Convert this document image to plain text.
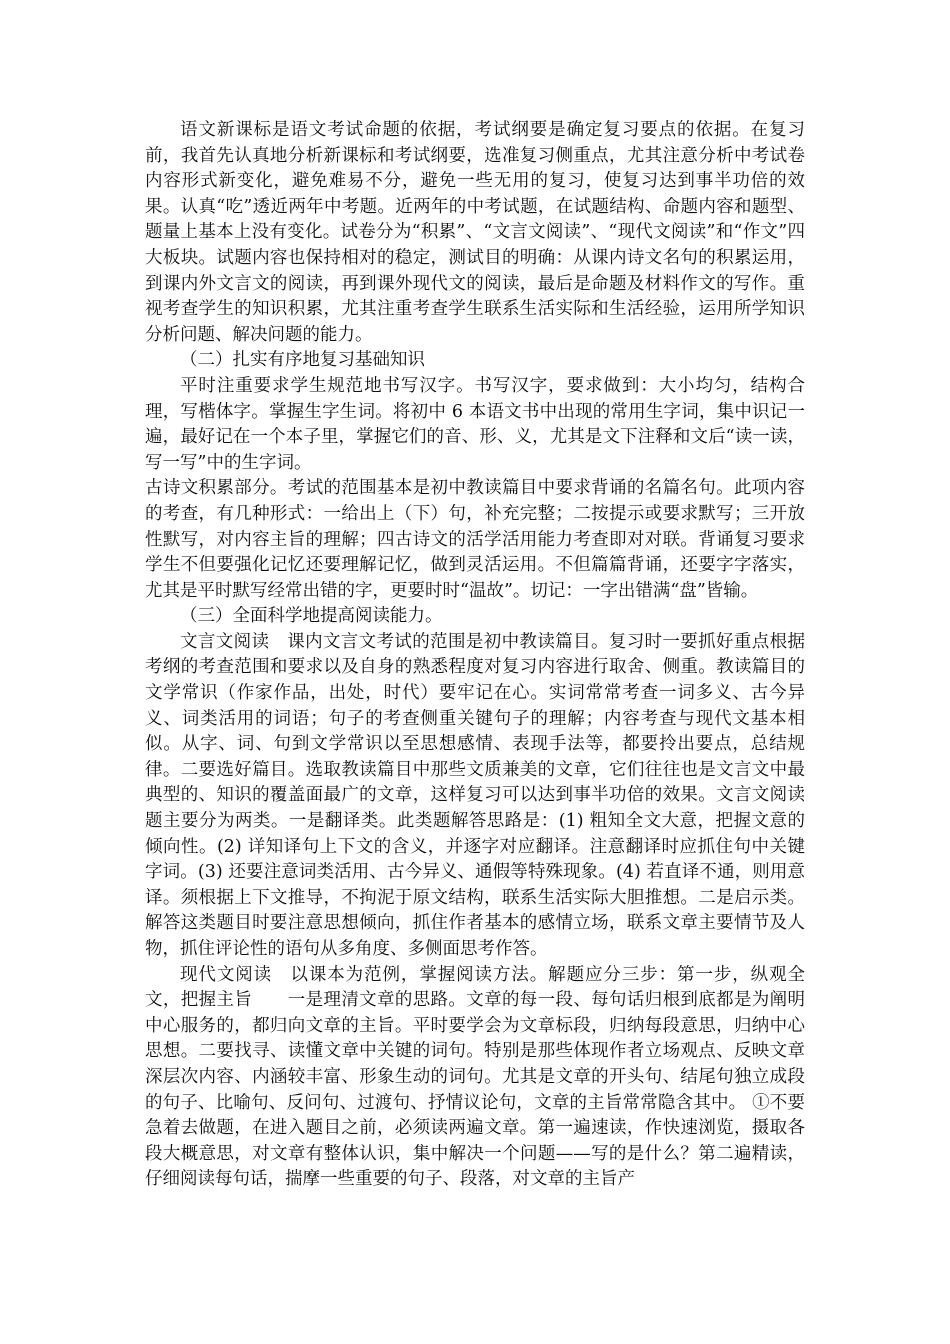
语文新课标是语文考试命题的依据，考试纲要是确定复习要点的依据。在复习前，我首先认真地分析新课标和考试纲要，选准复习侧重点，尤其注意分析中考试卷内容形式新变化，避免难易不分，避免一些无用的复习，使复习达到事半功倍的效果。认真“吃”透近两年中考题。近两年的中考试题，在试题结构、命题内容和题型、题量上基本上没有变化。试卷分为“积累”、“文言文阅读”、“现代文阅读”和“作文”四大板块。试题内容也保持相对的稳定，测试目的明确：从课内诗文名句的积累运用，到课内外文言文的阅读，再到课外现代文的阅读，最后是命题及材料作文的写作。重视考查学生的知识积累，尤其注重考查学生联系生活实际和生活经验，运用所学知识分析问题、解决问题的能力。

（二）扎实有序地复习基础知识

平时注重要求学生规范地书写汉字。书写汉字，要求做到：大小均匀，结构合理，写楷体字。掌握生字生词。将初中 6 本语文书中出现的常用生字词，集中识记一遍，最好记在一个本子里，掌握它们的音、形、义，尤其是文下注释和文后“读一读，写一写”中的生字词。

古诗文积累部分。考试的范围基本是初中教读篇目中要求背诵的名篇名句。此项内容的考查，有几种形式：一给出上（下）句，补充完整；二按提示或要求默写；三开放性默写，对内容主旨的理解；四古诗文的活学活用能力考查即对对联。背诵复习要求学生不但要强化记忆还要理解记忆，做到灵活运用。不但篇篇背诵，还要字字落实，尤其是平时默写经常出错的字，更要时时“温故”。切记：一字出错满“盘”皆输。

（三）全面科学地提高阅读能力。

文言文阅读　课内文言文考试的范围是初中教读篇目。复习时一要抓好重点根据考纲的考查范围和要求以及自身的熟悉程度对复习内容进行取舍、侧重。教读篇目的文学常识（作家作品，出处，时代）要牢记在心。实词常常考查一词多义、古今异义、词类活用的词语；句子的考查侧重关键句子的理解；内容考查与现代文基本相似。从字、词、句到文学常识以至思想感情、表现手法等，都要拎出要点，总结规律。二要选好篇目。选取教读篇目中那些文质兼美的文章，它们往往也是文言文中最典型的、知识的覆盖面最广的文章，这样复习可以达到事半功倍的效果。文言文阅读题主要分为两类。一是翻译类。此类题解答思路是：(1) 粗知全文大意，把握文意的倾向性。(2) 详知译句上下文的含义，并逐字对应翻译。注意翻译时应抓住句中关键字词。(3) 还要注意词类活用、古今异义、通假等特殊现象。(4) 若直译不通，则用意译。须根据上下文推导，不拘泥于原文结构，联系生活实际大胆推想。二是启示类。解答这类题目时要注意思想倾向，抓住作者基本的感情立场，联系文章主要情节及人物，抓住评论性的语句从多角度、多侧面思考作答。

现代文阅读　以课本为范例，掌握阅读方法。解题应分三步：第一步，纵观全文，把握主旨　　一是理清文章的思路。文章的每一段、每句话归根到底都是为阐明中心服务的，都归向文章的主旨。平时要学会为文章标段，归纳每段意思，归纳中心思想。二要找寻、读懂文章中关键的词句。特别是那些体现作者立场观点、反映文章深层次内容、内涵较丰富、形象生动的词句。尤其是文章的开头句、结尾句独立成段的句子、比喻句、反问句、过渡句、抒情议论句，文章的主旨常常隐含其中。 ①不要急着去做题，在进入题目之前，必须读两遍文章。第一遍速读，作快速浏览，摄取各段大概意思，对文章有整体认识，集中解决一个问题——写的是什么？第二遍精读，仔细阅读每句话，揣摩一些重要的句子、段落，对文章的主旨产
